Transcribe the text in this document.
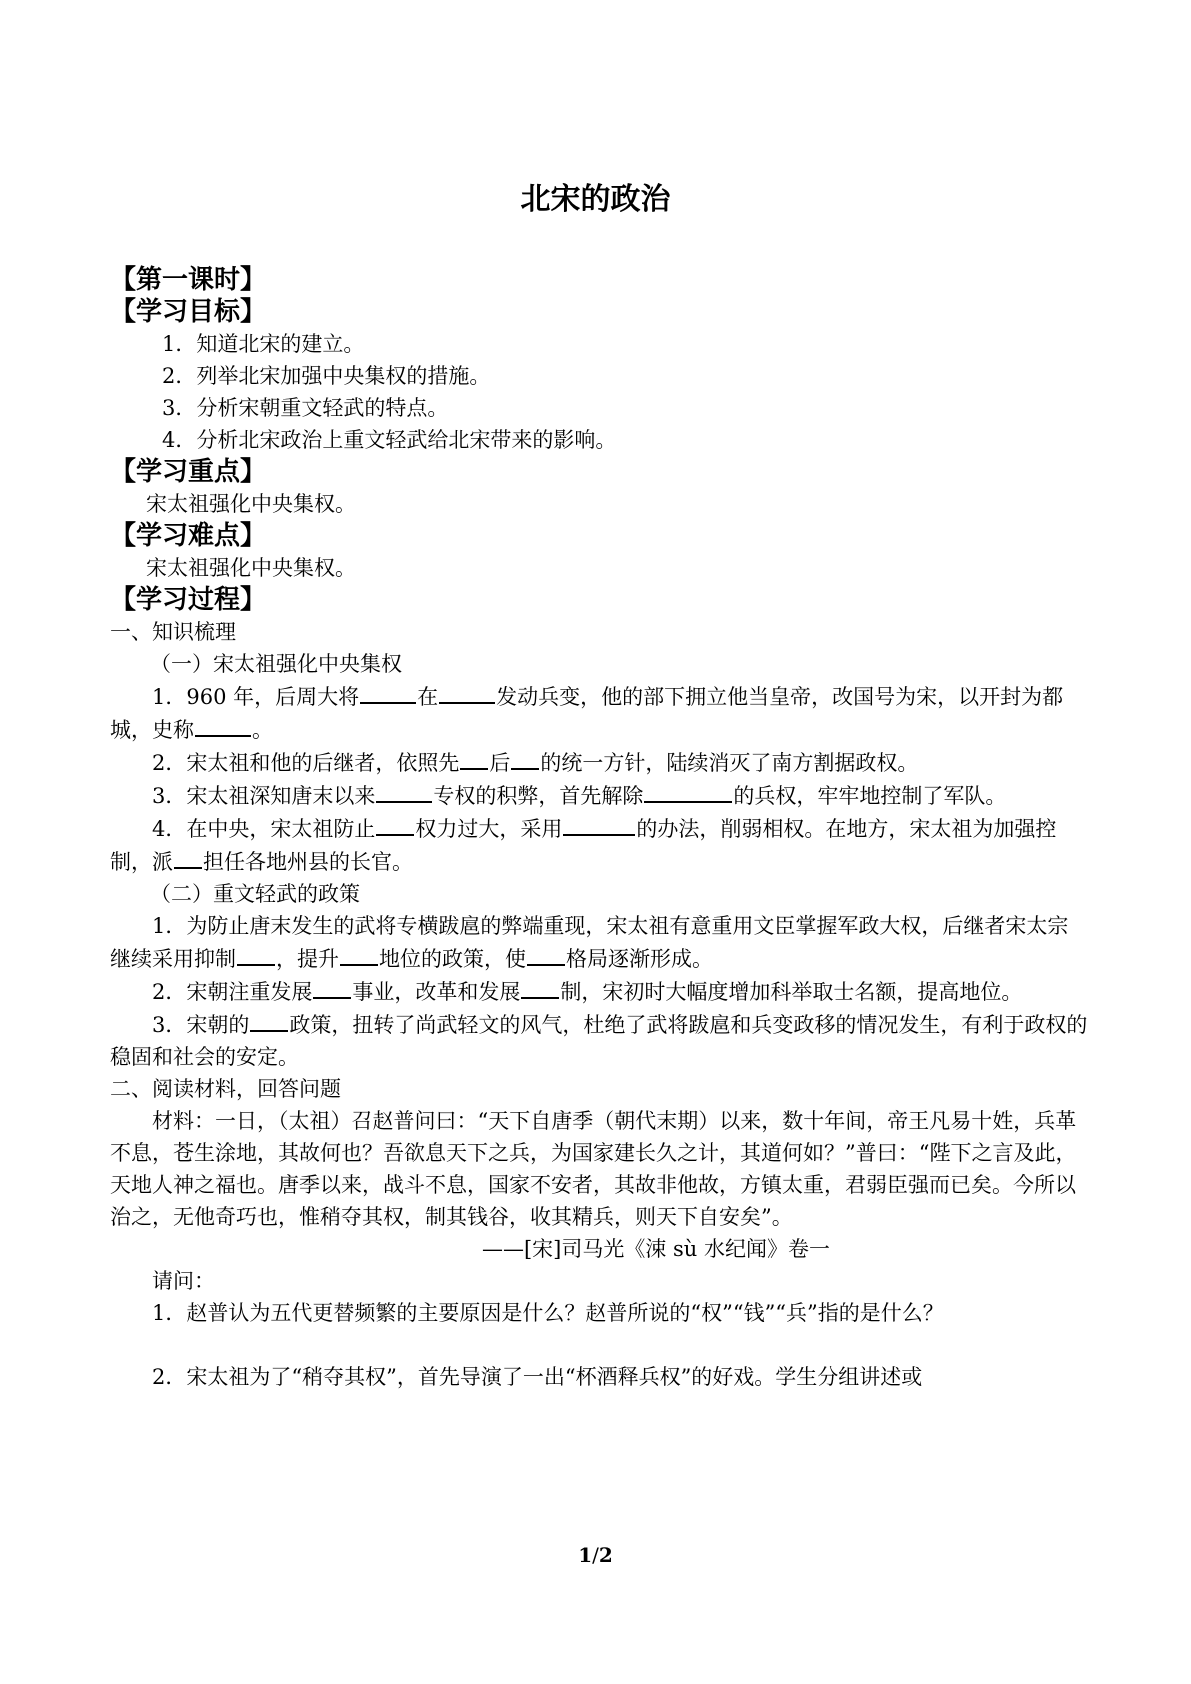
北宋的政治
【第一课时】
【学习目标】

1．知道北宋的建立。

2．列举北宋加强中央集权的措施。

3．分析宋朝重文轻武的特点。

4．分析北宋政治上重文轻武给北宋带来的影响。

【学习重点】

宋太祖强化中央集权。

【学习难点】

宋太祖强化中央集权。

【学习过程】

一、知识梳理

（一）宋太祖强化中央集权

1．960 年，后周大将	在	发动兵变，他的部下拥立他当皇帝，改国号为宋，以开封为都城，史称	。

2．宋太祖和他的后继者，依照先 后 的统一方针，陆续消灭了南方割据政权。

3．宋太祖深知唐末以来	专权的积弊，首先解除	的兵权，牢牢地控制了军队。

4．在中央，宋太祖防止 权力过大，采用	的办法，削弱相权。在地方，宋太祖为加强控制，派 担任各地州县的长官。

（二）重文轻武的政策

1．为防止唐末发生的武将专横跋扈的弊端重现，宋太祖有意重用文臣掌握军政大权，后继者宋太宗继续采用抑制 ，提升 地位的政策，使 格局逐渐形成。

2．宋朝注重发展 事业，改革和发展 制，宋初时大幅度增加科举取士名额，提高地位。

3．宋朝的 政策，扭转了尚武轻文的风气，杜绝了武将跋扈和兵变政移的情况发生，有利于政权的稳固和社会的安定。

二、阅读材料，回答问题

材料：一日，（太祖）召赵普问曰：“天下自唐季（朝代末期）以来，数十年间，帝王凡易十姓，兵革不息，苍生涂地，其故何也？吾欲息天下之兵，为国家建长久之计，其道何如？”普曰：“陛下之言及此，天地人神之福也。唐季以来，战斗不息，国家不安者，其故非他故，方镇太重，君弱臣强而已矣。今所以治之，无他奇巧也，惟稍夺其权，制其钱谷，收其精兵，则天下自安矣”。

——[宋]司马光《涑 sù 水纪闻》卷一

请问：

1．赵普认为五代更替频繁的主要原因是什么？赵普所说的“权”“钱”“兵”指的是什么？

2．宋太祖为了“稍夺其权”，首先导演了一出“杯酒释兵权”的好戏。学生分组讲述或

1/2
